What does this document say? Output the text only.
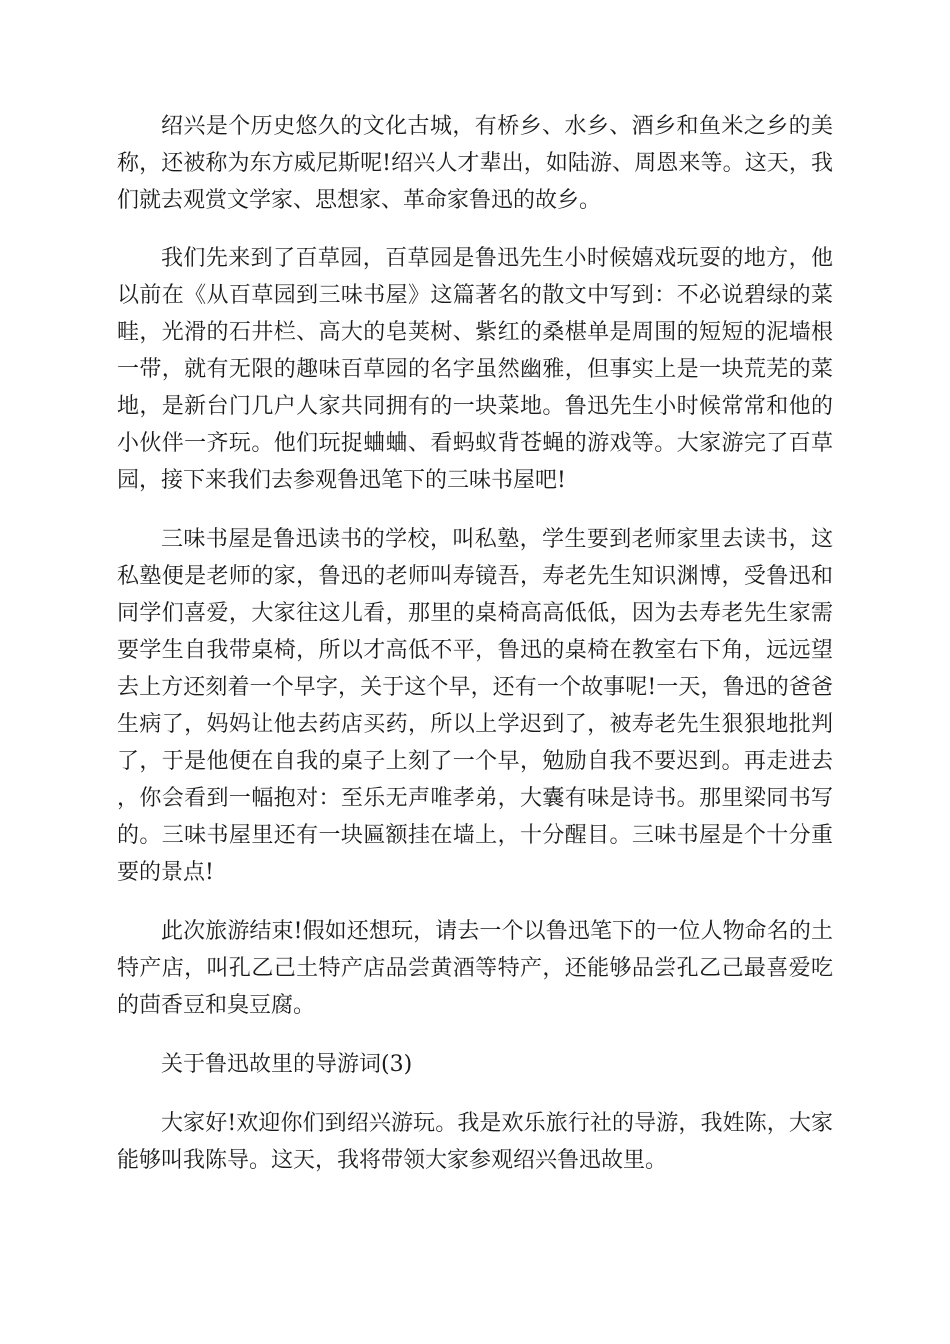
绍兴是个历史悠久的文化古城，有桥乡、水乡、酒乡和鱼米之乡的美称，还被称为东方威尼斯呢!绍兴人才辈出，如陆游、周恩来等。这天，我们就去观赏文学家、思想家、革命家鲁迅的故乡。

我们先来到了百草园，百草园是鲁迅先生小时候嬉戏玩耍的地方，他以前在《从百草园到三味书屋》这篇著名的散文中写到：不必说碧绿的菜畦，光滑的石井栏、高大的皂荚树、紫红的桑椹单是周围的短短的泥墙根一带，就有无限的趣味百草园的名字虽然幽雅，但事实上是一块荒芜的菜地，是新台门几户人家共同拥有的一块菜地。鲁迅先生小时候常常和他的小伙伴一齐玩。他们玩捉蛐蛐、看蚂蚁背苍蝇的游戏等。大家游完了百草园，接下来我们去参观鲁迅笔下的三味书屋吧!

三味书屋是鲁迅读书的学校，叫私塾，学生要到老师家里去读书，这私塾便是老师的家，鲁迅的老师叫寿镜吾，寿老先生知识渊博，受鲁迅和同学们喜爱，大家往这儿看，那里的桌椅高高低低，因为去寿老先生家需要学生自我带桌椅，所以才高低不平，鲁迅的桌椅在教室右下角，远远望去上方还刻着一个早字，关于这个早，还有一个故事呢!一天，鲁迅的爸爸生病了，妈妈让他去药店买药，所以上学迟到了，被寿老先生狠狠地批判了，于是他便在自我的桌子上刻了一个早，勉励自我不要迟到。再走进去，你会看到一幅抱对：至乐无声唯孝弟，大囊有味是诗书。那里梁同书写的。三味书屋里还有一块匾额挂在墙上，十分醒目。三味书屋是个十分重要的景点!

此次旅游结束!假如还想玩，请去一个以鲁迅笔下的一位人物命名的土特产店，叫孔乙己土特产店品尝黄酒等特产，还能够品尝孔乙己最喜爱吃的茴香豆和臭豆腐。

关于鲁迅故里的导游词(3)

大家好!欢迎你们到绍兴游玩。我是欢乐旅行社的导游，我姓陈，大家能够叫我陈导。这天，我将带领大家参观绍兴鲁迅故里。
